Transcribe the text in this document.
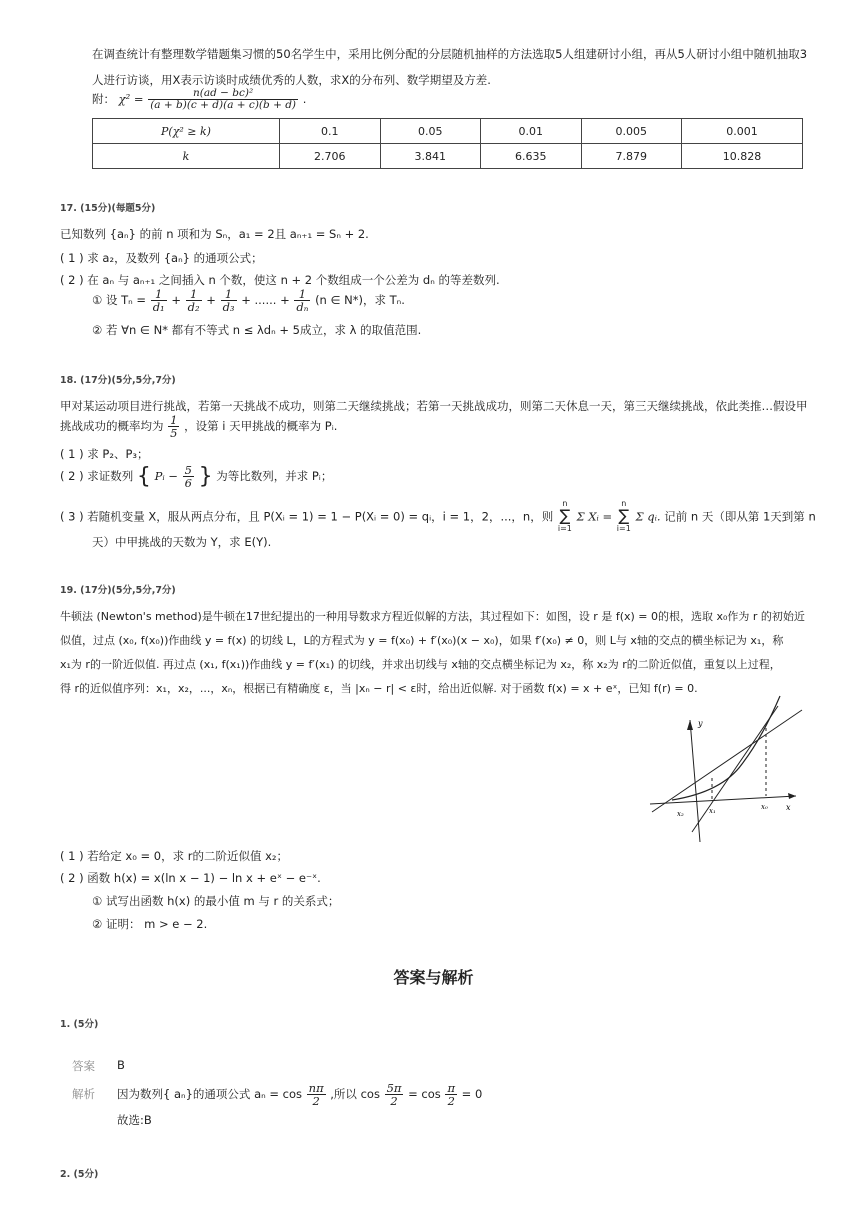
在调查统计有整理数学错题集习惯的50名学生中，采用比例分配的分层随机抽样的方法选取5人组建研讨小组，再从5人研讨小组中随机抽取3
人进行访谈，用X表示访谈时成绩优秀的人数，求X的分布列、数学期望及方差.
附： $\chi^2 = \frac{\text{n(ad − bc)²}}{(a + b)(c + d)(a + c)(b + d)}$ .
P(χ² ≥ k)	0.1	0.05	0.01	0.005	0.001
k	2.706	3.841	6.635	7.879	10.828
17. (15分)(每题5分)
已知数列 {aₙ} 的前 n 项和为 Sₙ，a₁ = 2且 aₙ₊₁ = Sₙ + 2.
( 1 ) 求 a₂，及数列 {aₙ} 的通项公式；
( 2 ) 在 aₙ 与 aₙ₊₁ 之间插入 n 个数，使这 n + 2 个数组成一个公差为 dₙ 的等差数列.
① 设 $T_n = \frac{1}{\text{d₁}} + \frac{1}{\text{d₂}} + \frac{1}{\text{d₃}}$ + ...... + $\frac{1}{\text{dₙ}} (n$ ∈ N*)，求 Tₙ.
② 若 ∀n ∈ N* 都有不等式 n ≤ λdₙ + 5成立，求 λ 的取值范围.
18. (17分)(5分,5分,7分)
甲对某运动项目进行挑战，若第一天挑战不成功，则第二天继续挑战；若第一天挑战成功，则第二天休息一天，第三天继续挑战，依此类推…假设甲
挑战成功的概率均为 $\frac{1}{5}$ ，设第 i 天甲挑战的概率为 Pᵢ.
( 1 ) 求 P₂、P₃；
( 2 ) 求证数列 { Pᵢ − $\frac{5}{6}$ } 为等比数列，并求 Pᵢ；
( 3 ) 若随机变量 X，服从两点分布，且 P(Xᵢ = 1) = 1 − P(Xᵢ = 0) = qᵢ，i = 1，2，...，n，则
n
∑
i=1
Σ Xᵢ =
n
∑
i=1
Σ qᵢ. 记前 n 天（即从第 1天到第 n
天）中甲挑战的天数为 Y，求 E(Y).
19. (17分)(5分,5分,7分)
牛顿法 (Newton's method)是牛顿在17世纪提出的一种用导数求方程近似解的方法，其过程如下：如图，设 r 是 f(x) = 0的根，选取 x₀作为 r 的初始近
似值，过点 (x₀, f(x₀))作曲线 y = f(x) 的切线 L，L的方程式为 y = f(x₀) + f′(x₀)(x − x₀)，如果 f′(x₀) ≠ 0，则 L与 x轴的交点的横坐标记为 x₁，称
x₁为 r的一阶近似值. 再过点 (x₁, f(x₁))作曲线 y = f′(x₁) 的切线，并求出切线与 x轴的交点横坐标记为 x₂，称 x₂为 r的二阶近似值，重复以上过程，
得 r的近似值序列：x₁，x₂，...，xₙ，根据已有精确度 ε，当 |xₙ − r| < ε时，给出近似解. 对于函数 f(x) = x + eˣ，已知 f(r) = 0.
y
x
x₀
x₁
x₂
( 1 ) 若给定 x₀ = 0，求 r的二阶近似值 x₂；
( 2 ) 函数 h(x) = x(ln x − 1) − ln x + eˣ − e⁻ˣ.
① 试写出函数 h(x) 的最小值 m 与 r 的关系式；
② 证明： m > e − 2.
答案与解析
1. (5分)
答案 B
解析 因为数列{ aₙ}的通项公式 $a_n = \cos \frac{n\pi}{2}$ ,所以 $\cos \frac{5\pi}{2} = \cos \frac{\pi}{2} = 0$
故选:B
2. (5分)
